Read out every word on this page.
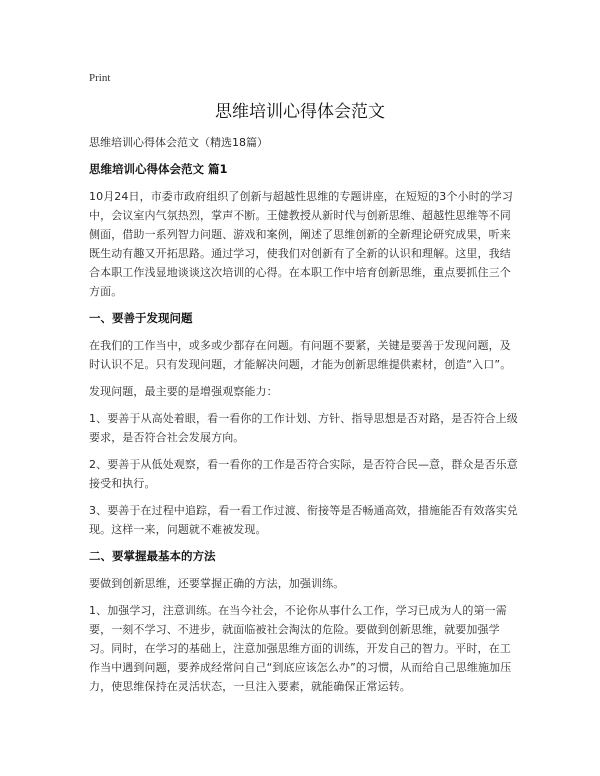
Print
思维培训心得体会范文

思维培训心得体会范文（精选18篇）

思维培训心得体会范文 篇1

10月24日，市委市政府组织了创新与超越性思维的专题讲座，在短短的3个小时的学习中，会议室内气氛热烈，掌声不断。王健教授从新时代与创新思维、超越性思维等不同侧面，借助一系列智力问题、游戏和案例，阐述了思维创新的全新理论研究成果，听来既生动有趣又开拓思路。通过学习，使我们对创新有了全新的认识和理解。这里，我结合本职工作浅显地谈谈这次培训的心得。在本职工作中培育创新思维，重点要抓住三个方面。

一、要善于发现问题

在我们的工作当中，或多或少都存在问题。有问题不要紧，关键是要善于发现问题，及时认识不足。只有发现问题，才能解决问题，才能为创新思维提供素材，创造“入口”。

发现问题，最主要的是增强观察能力：

1、要善于从高处着眼，看一看你的工作计划、方针、指导思想是否对路，是否符合上级要求，是否符合社会发展方向。

2、要善于从低处观察，看一看你的工作是否符合实际，是否符合民—意，群众是否乐意接受和执行。

3、要善于在过程中追踪，看一看工作过渡、衔接等是否畅通高效，措施能否有效落实兑现。这样一来，问题就不难被发现。

二、要掌握最基本的方法

要做到创新思维，还要掌握正确的方法，加强训练。

1、加强学习，注意训练。在当今社会，不论你从事什么工作，学习已成为人的第一需要，一刻不学习、不进步，就面临被社会淘汰的危险。要做到创新思维，就要加强学习。同时，在学习的基础上，注意加强思维方面的训练，开发自己的智力。平时，在工作当中遇到问题，要养成经常问自己“到底应该怎么办”的习惯，从而给自己思维施加压力，使思维保持在灵活状态，一旦注入要素，就能确保正常运转。
